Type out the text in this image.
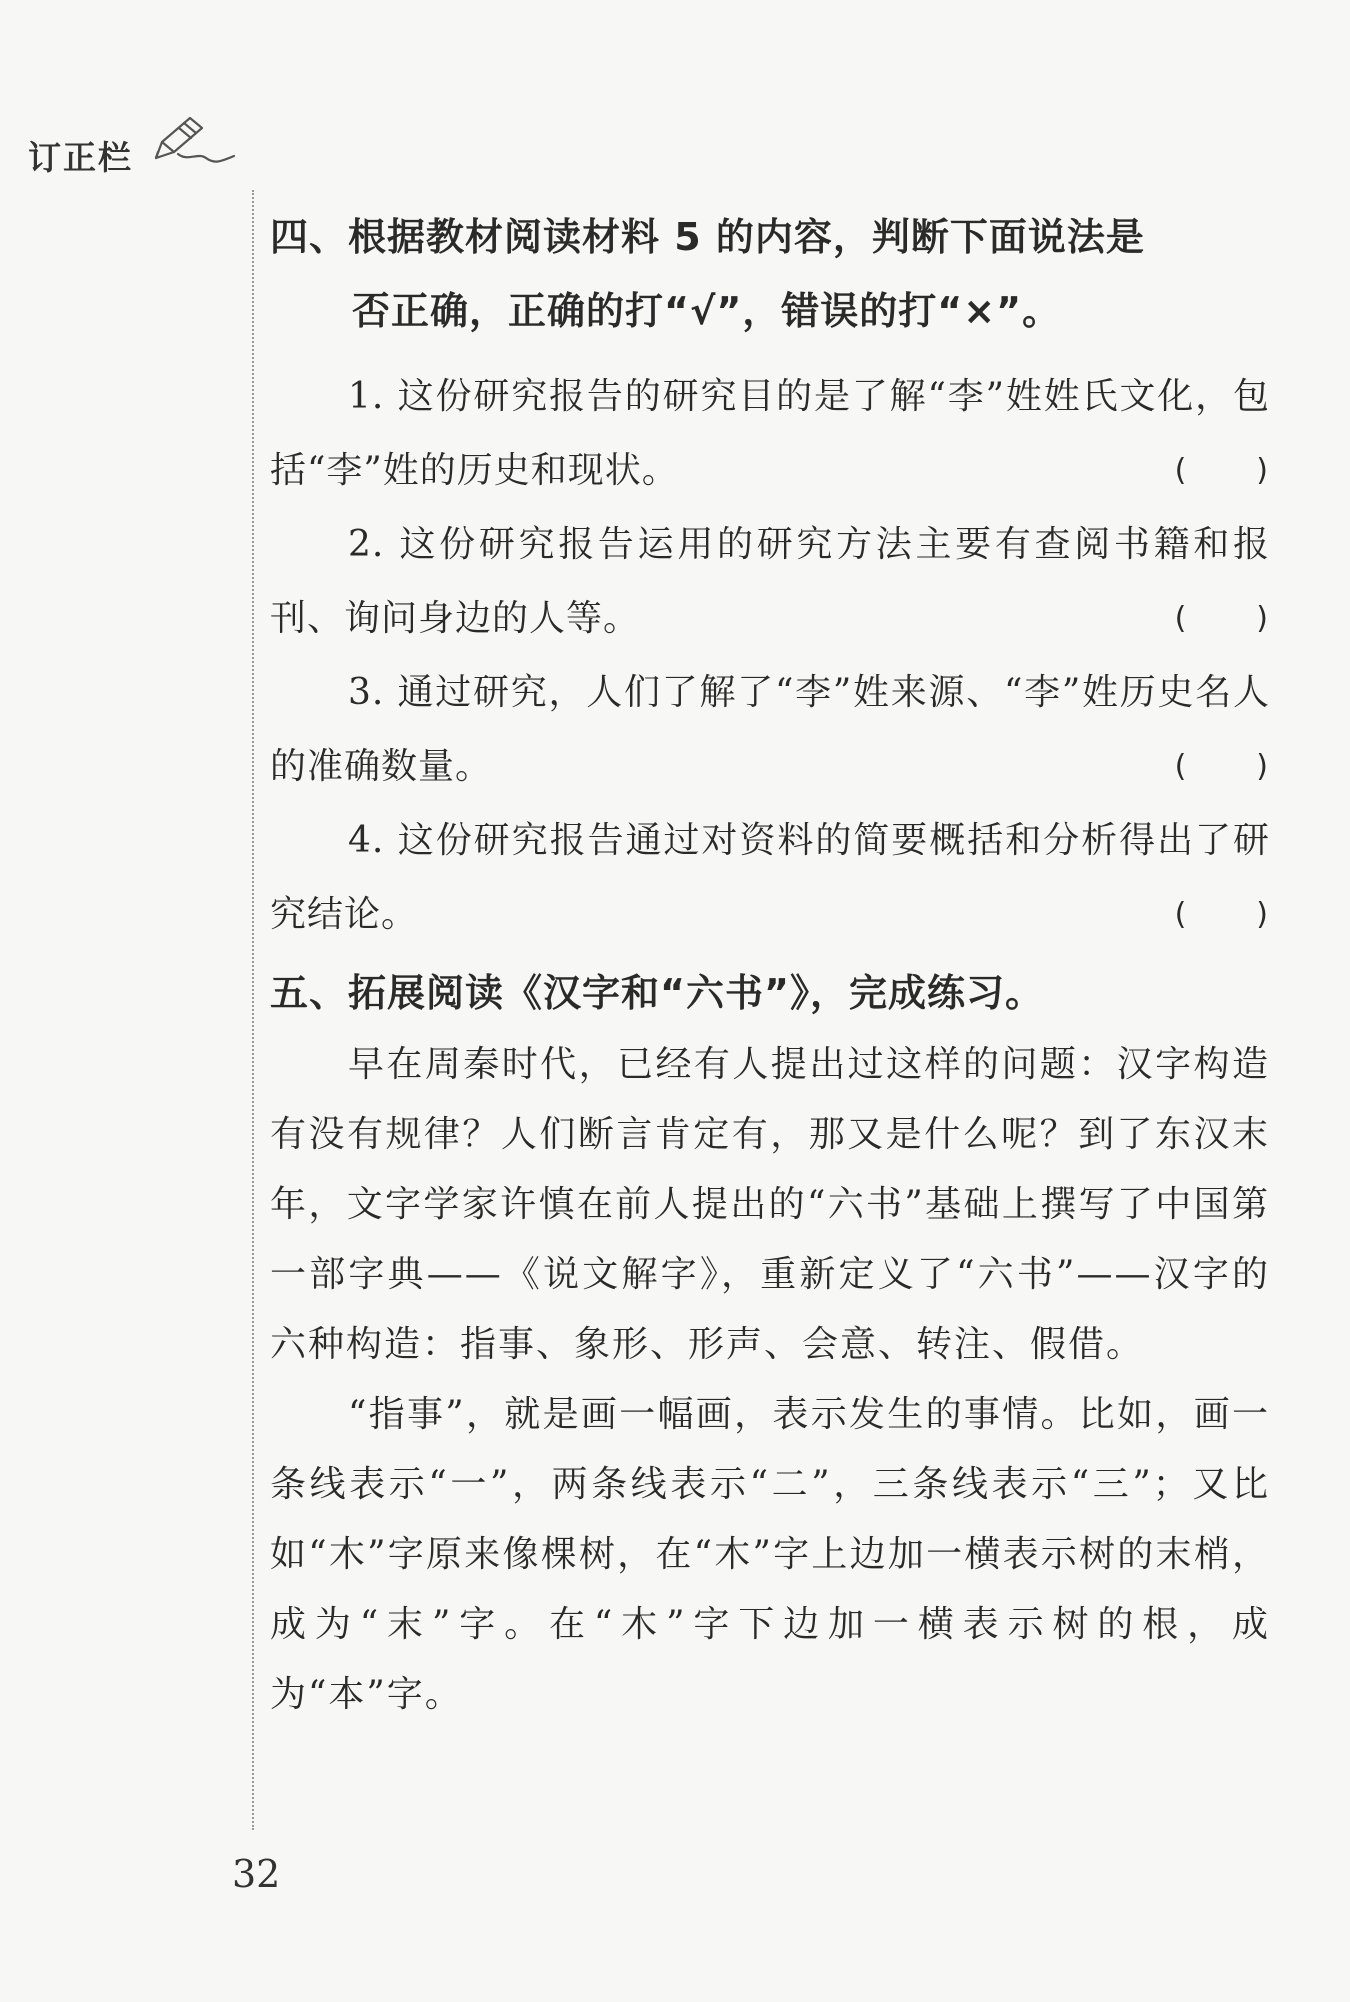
订正栏

四、根据教材阅读材料 5 的内容，判断下面说法是

否正确，正确的打“√”，错误的打“×”。

1. 这份研究报告的研究目的是了解“李”姓姓氏文化，包括“李”姓的历史和现状。	( )

2. 这份研究报告运用的研究方法主要有查阅书籍和报刊、询问身边的人等。	( )

3. 通过研究，人们了解了“李”姓来源、“李”姓历史名人的准确数量。	( )

4. 这份研究报告通过对资料的简要概括和分析得出了研究结论。	( )

五、拓展阅读《汉字和“六书”》，完成练习。

早在周秦时代，已经有人提出过这样的问题：汉字构造有没有规律？人们断言肯定有，那又是什么呢？到了东汉末年，文字学家许慎在前人提出的“六书”基础上撰写了中国第一部字典——《说文解字》，重新定义了“六书”——汉字的六种构造：指事、象形、形声、会意、转注、假借。

“指事”，就是画一幅画，表示发生的事情。比如，画一条线表示“一”，两条线表示“二”，三条线表示“三”；又比如“木”字原来像棵树，在“木”字上边加一横表示树的末梢，成为“末”字。在“木”字下边加一横表示树的根，成为“本”字。

32
